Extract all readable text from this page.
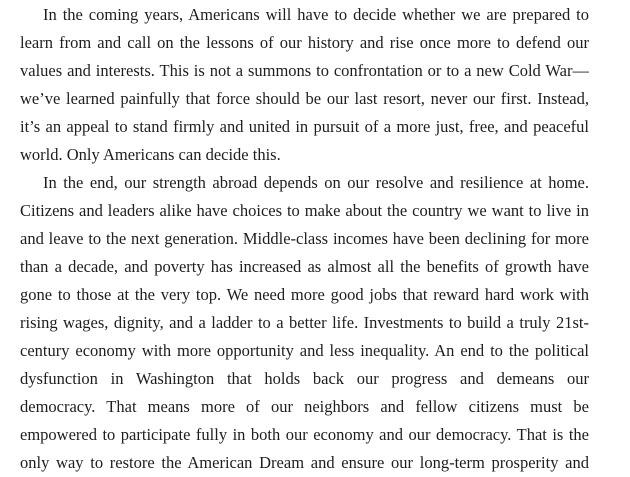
In the coming years, Americans will have to decide whether we are prepared to
learn from and call on the lessons of our history and rise once more to defend our
values and interests. This is not a summons to confrontation or to a new Cold War—
we’ve learned painfully that force should be our last resort, never our first. Instead,
it’s an appeal to stand firmly and united in pursuit of a more just, free, and peaceful
world. Only Americans can decide this.
In the end, our strength abroad depends on our resolve and resilience at home.
Citizens and leaders alike have choices to make about the country we want to live in
and leave to the next generation. Middle-class incomes have been declining for more
than a decade, and poverty has increased as almost all the benefits of growth have
gone to those at the very top. We need more good jobs that reward hard work with
rising wages, dignity, and a ladder to a better life. Investments to build a truly 21st-
century economy with more opportunity and less inequality. An end to the political
dysfunction in Washington that holds back our progress and demeans our
democracy. That means more of our neighbors and fellow citizens must be
empowered to participate fully in both our economy and our democracy. That is the
only way to restore the American Dream and ensure our long-term prosperity and
